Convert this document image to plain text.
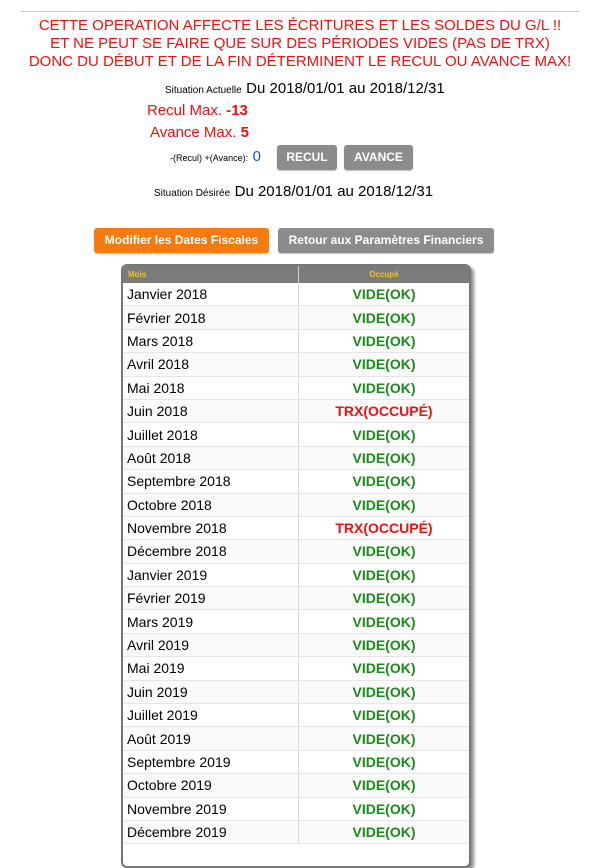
CETTE OPERATION AFFECTE LES ÉCRITURES ET LES SOLDES DU G/L !!
ET NE PEUT SE FAIRE QUE SUR DES PÉRIODES VIDES (PAS DE TRX)
DONC DU DÉBUT ET DE LA FIN DÉTERMINENT LE RECUL OU AVANCE MAX!
Situation Actuelle Du 2018/01/01 au 2018/12/31
Recul Max. -13
Avance Max. 5
-(Recul) +(Avance): 0	RECUL	AVANCE
Situation Désirée Du 2018/01/01 au 2018/12/31
Modifier les Dates Fiscales	Retour aux Paramètres Financiers
Mois	Occupé
Janvier 2018	VIDE(OK)
Février 2018	VIDE(OK)
Mars 2018	VIDE(OK)
Avril 2018	VIDE(OK)
Mai 2018	VIDE(OK)
Juin 2018	TRX(OCCUPÉ)
Juillet 2018	VIDE(OK)
Août 2018	VIDE(OK)
Septembre 2018	VIDE(OK)
Octobre 2018	VIDE(OK)
Novembre 2018	TRX(OCCUPÉ)
Décembre 2018	VIDE(OK)
Janvier 2019	VIDE(OK)
Février 2019	VIDE(OK)
Mars 2019	VIDE(OK)
Avril 2019	VIDE(OK)
Mai 2019	VIDE(OK)
Juin 2019	VIDE(OK)
Juillet 2019	VIDE(OK)
Août 2019	VIDE(OK)
Septembre 2019	VIDE(OK)
Octobre 2019	VIDE(OK)
Novembre 2019	VIDE(OK)
Décembre 2019	VIDE(OK)
